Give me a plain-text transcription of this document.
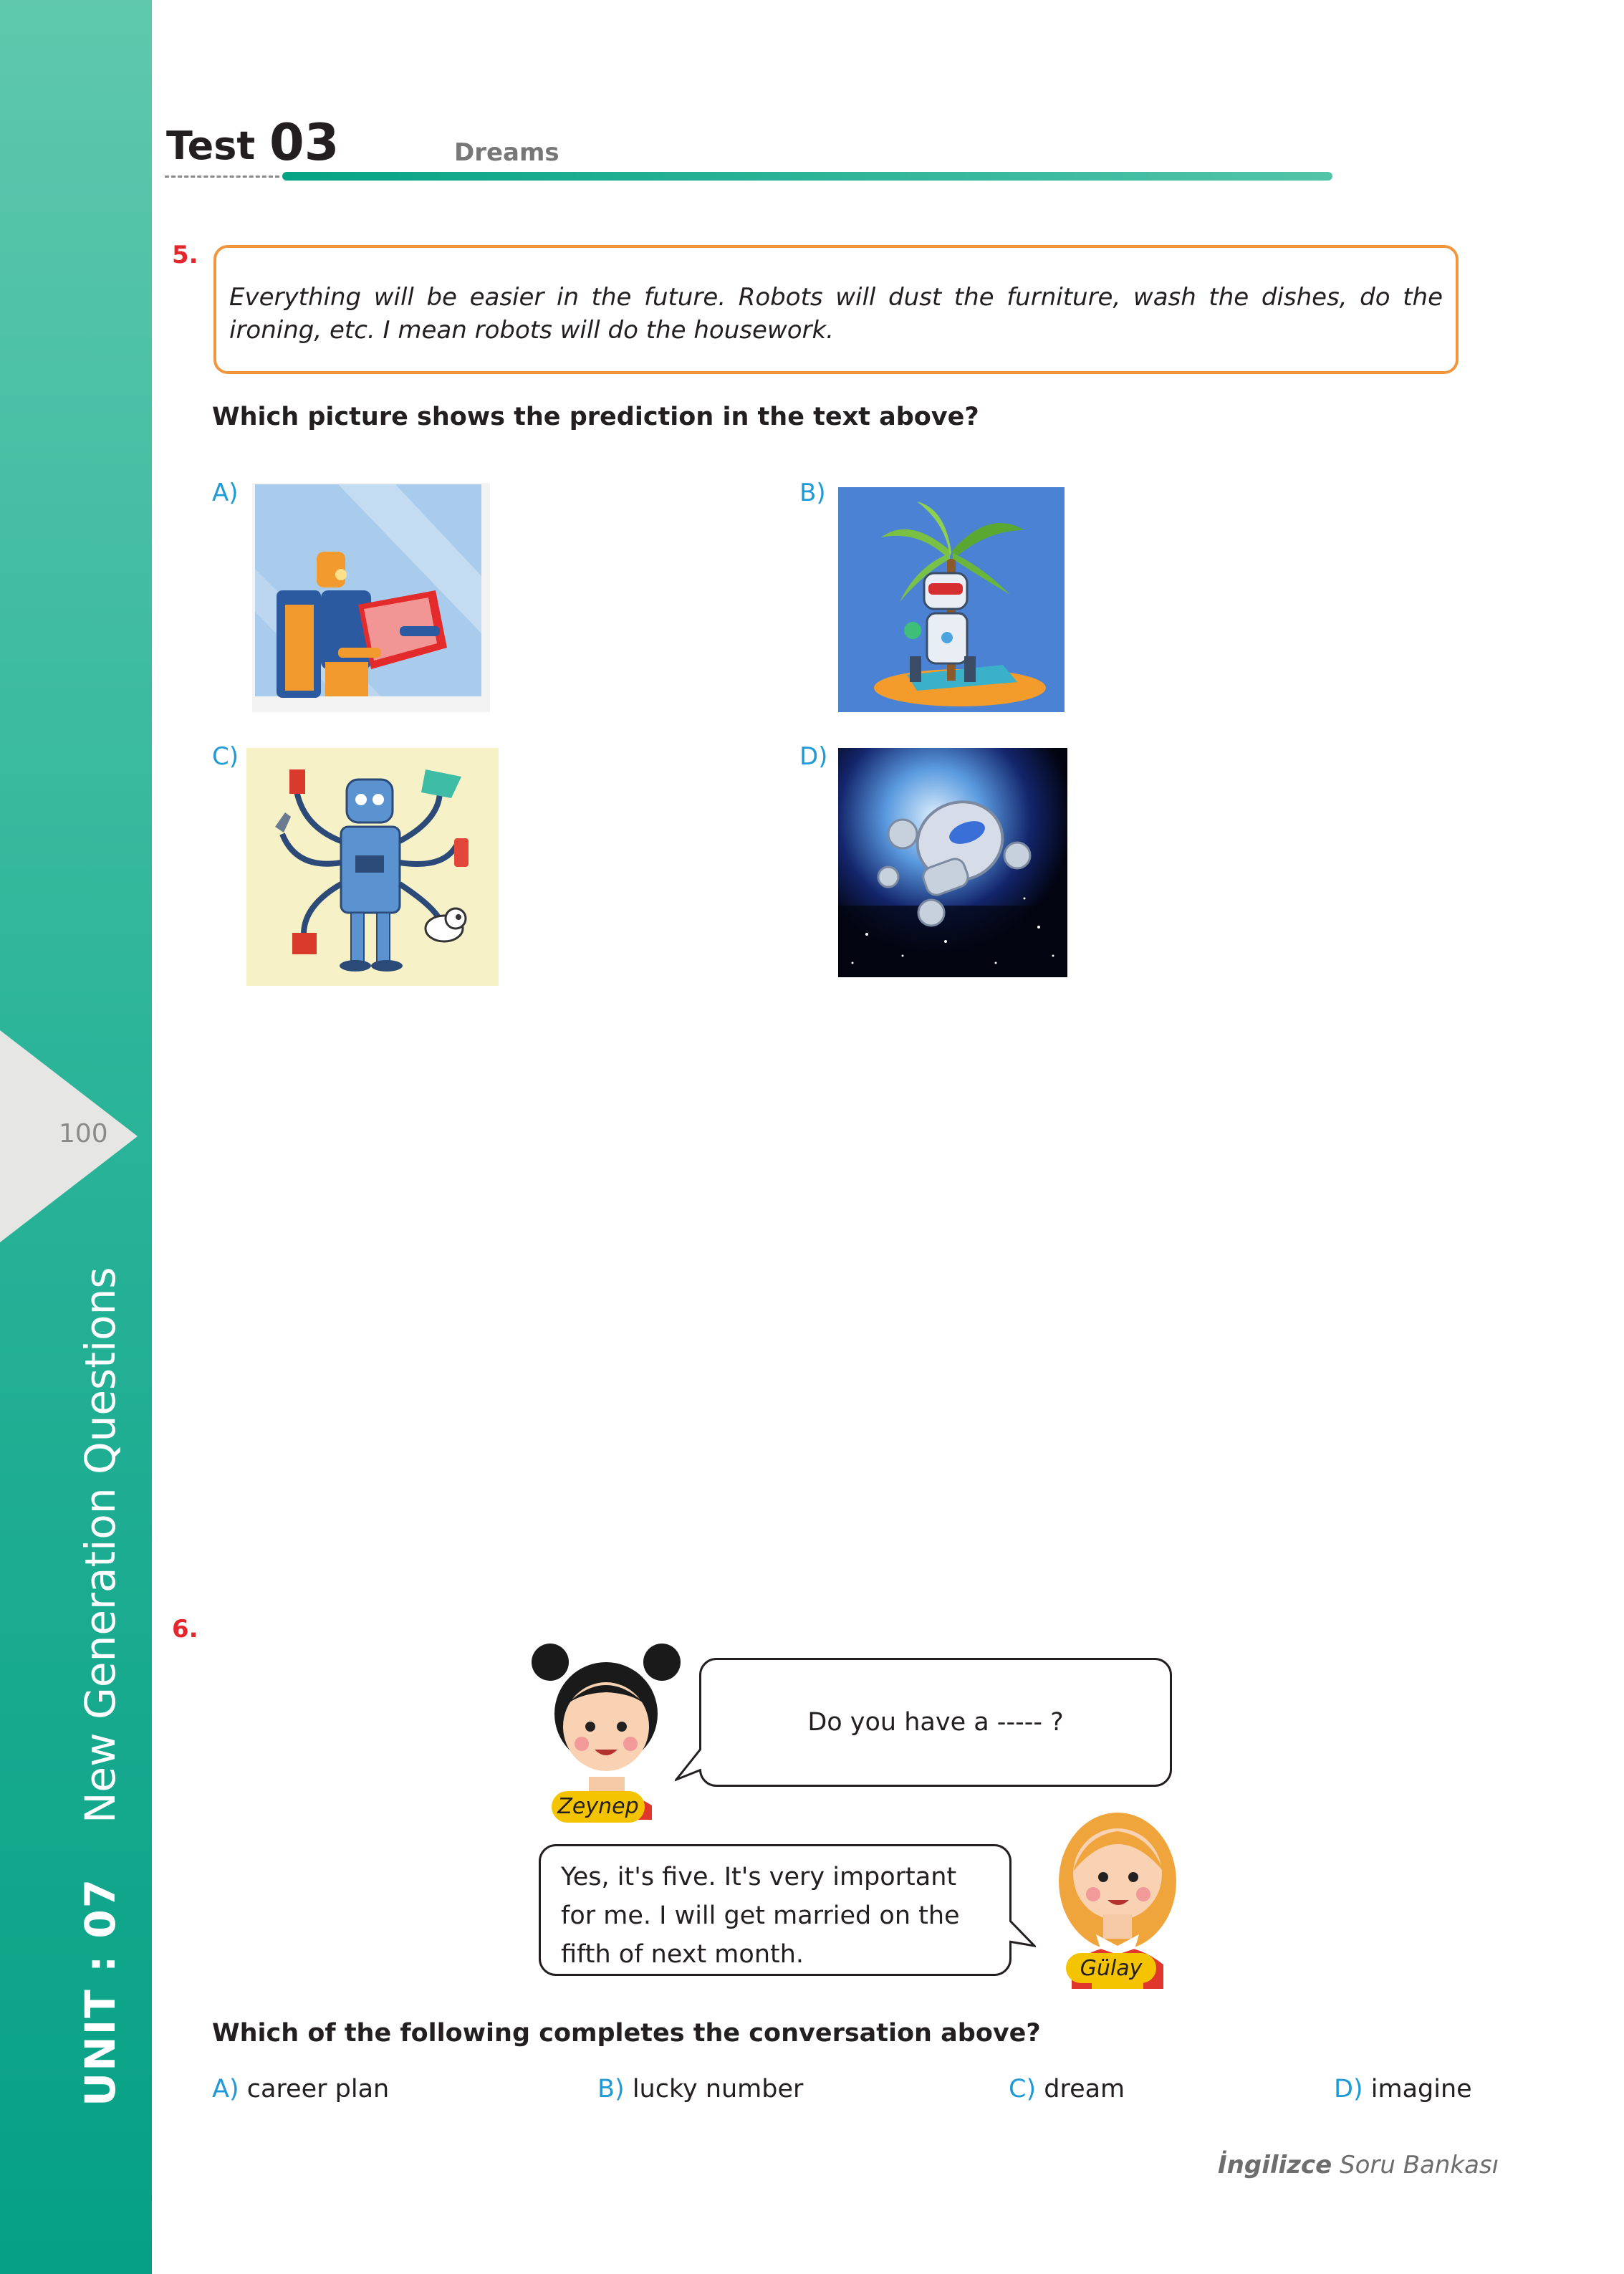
100
New Generation Questions
UNIT : 07
Test 03	Dreams
5.
Everything will be easier in the future. Robots will dust the furniture, wash the dishes, do the ironing, etc. I mean robots will do the housework.
Which picture shows the prediction in the text above?
A)	B)
C)	D)
6.
Do you have a ----- ?
Zeynep
Yes, it's five. It's very important for me. I will get married on the fifth of next month.	Gülay
Which of the following completes the conversation above?
A) career plan	B) lucky number	C) dream	D) imagine
İngilizce Soru Bankası
